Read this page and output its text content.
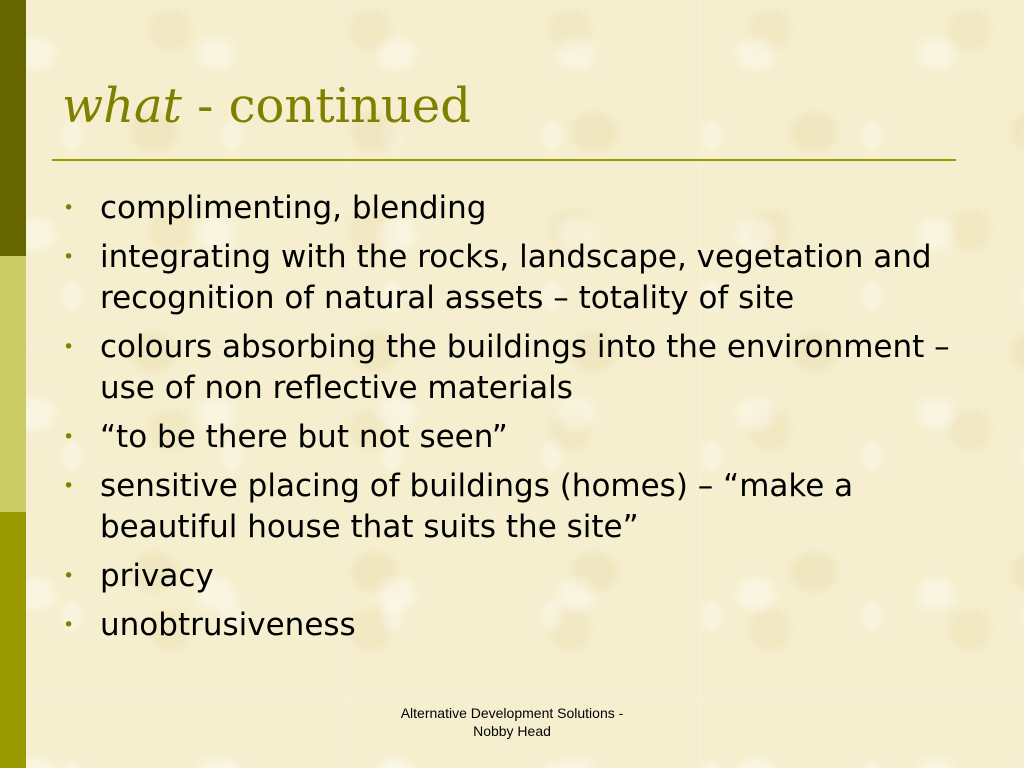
what - continued
• complimenting, blending
• integrating with the rocks, landscape, vegetation and recognition of natural assets – totality of site
• colours absorbing the buildings into the environment – use of non reflective materials
• “to be there but not seen”
• sensitive placing of buildings (homes) – “make a beautiful house that suits the site”
• privacy
• unobtrusiveness
Alternative Development Solutions -
Nobby Head
